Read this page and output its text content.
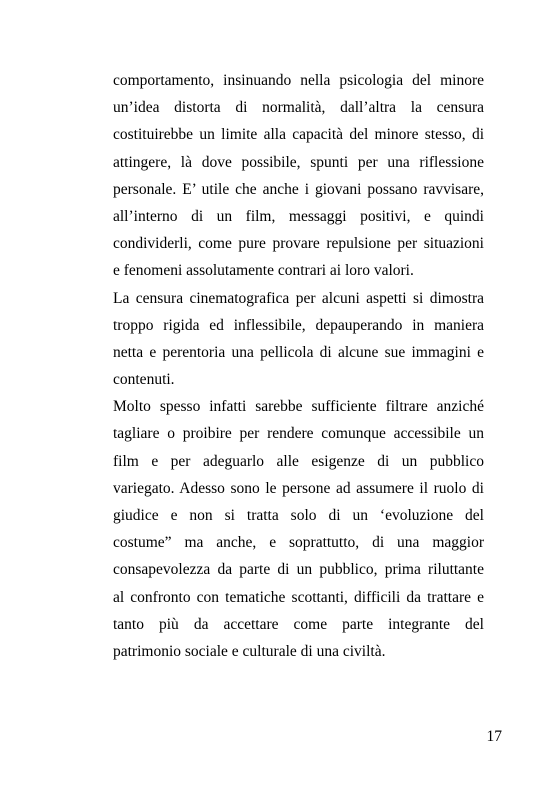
comportamento, insinuando nella psicologia del minore
un’idea distorta di normalità, dall’altra la censura
costituirebbe un limite alla capacità del minore stesso, di
attingere, là dove possibile, spunti per una riflessione
personale. E’ utile che anche i giovani possano ravvisare,
all’interno di un film, messaggi positivi, e quindi
condividerli, come pure provare repulsione per situazioni
e fenomeni assolutamente contrari ai loro valori.
La censura cinematografica per alcuni aspetti si dimostra
troppo rigida ed inflessibile, depauperando in maniera
netta e perentoria una pellicola di alcune sue immagini e
contenuti.
Molto spesso infatti sarebbe sufficiente filtrare anziché
tagliare o proibire per rendere comunque accessibile un
film e per adeguarlo alle esigenze di un pubblico
variegato. Adesso sono le persone ad assumere il ruolo di
giudice e non si tratta solo di un ‘evoluzione del
costume” ma anche, e soprattutto, di una maggior
consapevolezza da parte di un pubblico, prima riluttante
al confronto con tematiche scottanti, difficili da trattare e
tanto più da accettare come parte integrante del
patrimonio sociale e culturale di una civiltà.
17
